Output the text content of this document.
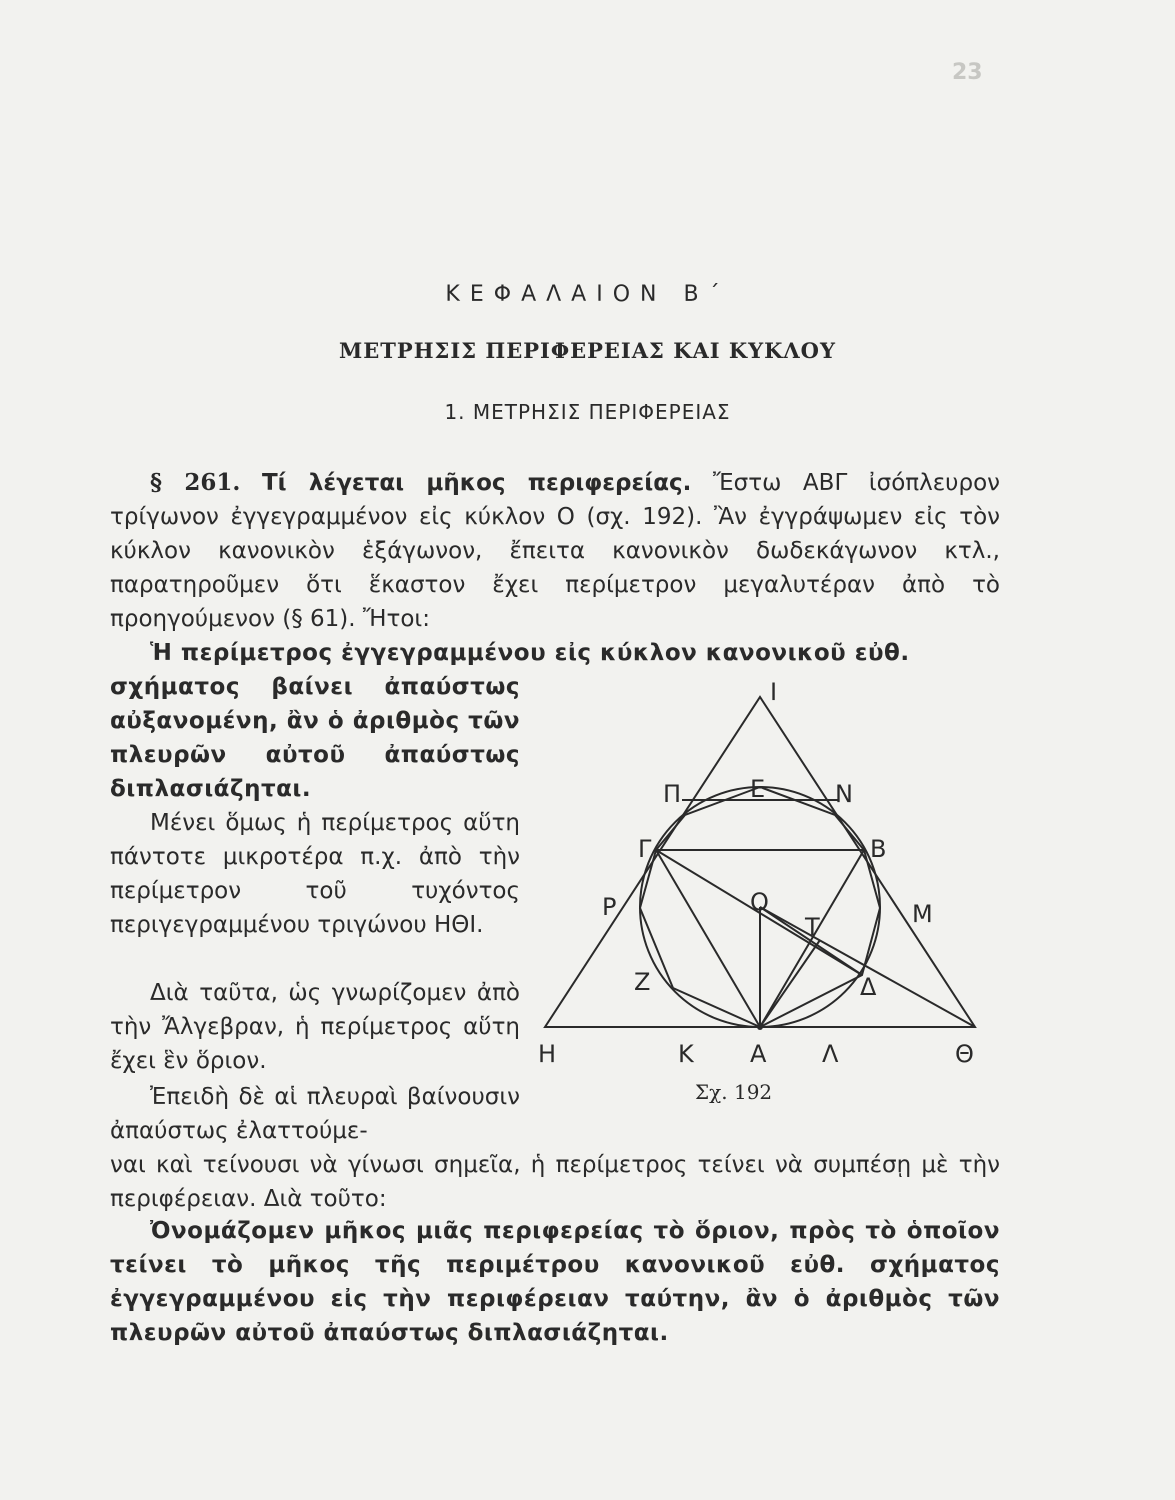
23
ΚΕΦΑΛΑΙΟΝ Β΄
ΜΕΤΡΗΣΙΣ ΠΕΡΙΦΕΡΕΙΑΣ ΚΑΙ ΚΥΚΛΟΥ
1. ΜΕΤΡΗΣΙΣ ΠΕΡΙΦΕΡΕΙΑΣ
§ 261. Τί λέγεται μῆκος περιφερείας. Ἔστω ΑΒΓ ἰσόπλευρον τρίγωνον ἐγγεγραμμένον εἰς κύκλον Ο (σχ. 192). Ἂν ἐγγράψωμεν εἰς τὸν κύκλον κανονικὸν ἑξάγωνον, ἔπειτα κανονικὸν δωδεκάγωνον κτλ., παρατηροῦμεν ὅτι ἕκαστον ἔχει περίμετρον μεγαλυτέραν ἀπὸ τὸ προηγούμενον (§ 61). Ἤτοι:
Ἡ περίμετρος ἐγγεγραμμένου εἰς κύκλον κανονικοῦ εὐθ.
σχήματος βαίνει ἀπαύστως αὐξανομένη, ἂν ὁ ἀριθμὸς τῶν πλευρῶν αὐτοῦ ἀπαύστως διπλασιάζηται.
Μένει ὅμως ἡ περίμετρος αὕτη πάντοτε μικροτέρα π.χ. ἀπὸ τὴν περίμετρον τοῦ τυχόντος περιγεγραμμένου τριγώνου ΗΘΙ.
Διὰ ταῦτα, ὡς γνωρίζομεν ἀπὸ τὴν Ἄλγεβραν, ἡ περίμετρος αὕτη ἔχει ἓν ὅριον.
Ἐπειδὴ δὲ αἱ πλευραὶ βαίνουσιν ἀπαύστως ἐλαττούμε-
ναι καὶ τείνουσι νὰ γίνωσι σημεῖα, ἡ περίμετρος τείνει νὰ συμπέσῃ μὲ τὴν περιφέρειαν. Διὰ τοῦτο:
Ὀνομάζομεν μῆκος μιᾶς περιφερείας τὸ ὅριον, πρὸς τὸ ὁποῖον τείνει τὸ μῆκος τῆς περιμέτρου κανονικοῦ εὐθ. σχήματος ἐγγεγραμμένου εἰς τὴν περιφέρειαν ταύτην, ἂν ὁ ἀριθμὸς τῶν πλευρῶν αὐτοῦ ἀπαύστως διπλασιάζηται.
Ι
Π	Ε	Ν
Γ	Β
Ρ	Ο
Τ	Μ
Ζ	Δ
Η	Κ Α Λ	Θ
Σχ. 192
